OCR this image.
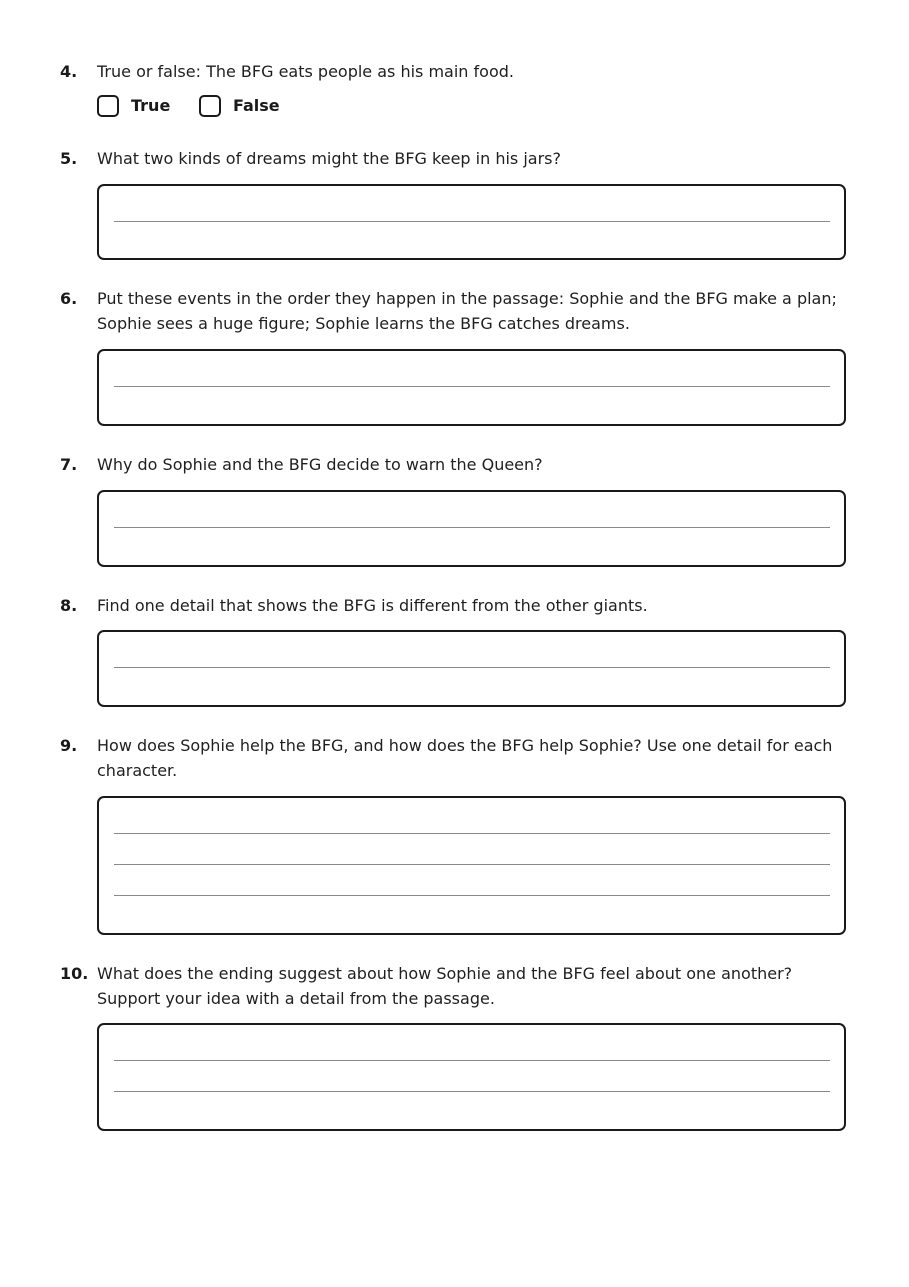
4. True or false: The BFG eats people as his main food.
True	False
5. What two kinds of dreams might the BFG keep in his jars?
6. Put these events in the order they happen in the passage: Sophie and the BFG make a plan; Sophie sees a huge figure; Sophie learns the BFG catches dreams.
7. Why do Sophie and the BFG decide to warn the Queen?
8. Find one detail that shows the BFG is different from the other giants.
9. How does Sophie help the BFG, and how does the BFG help Sophie? Use one detail for each character.
10. What does the ending suggest about how Sophie and the BFG feel about one another? Support your idea with a detail from the passage.
